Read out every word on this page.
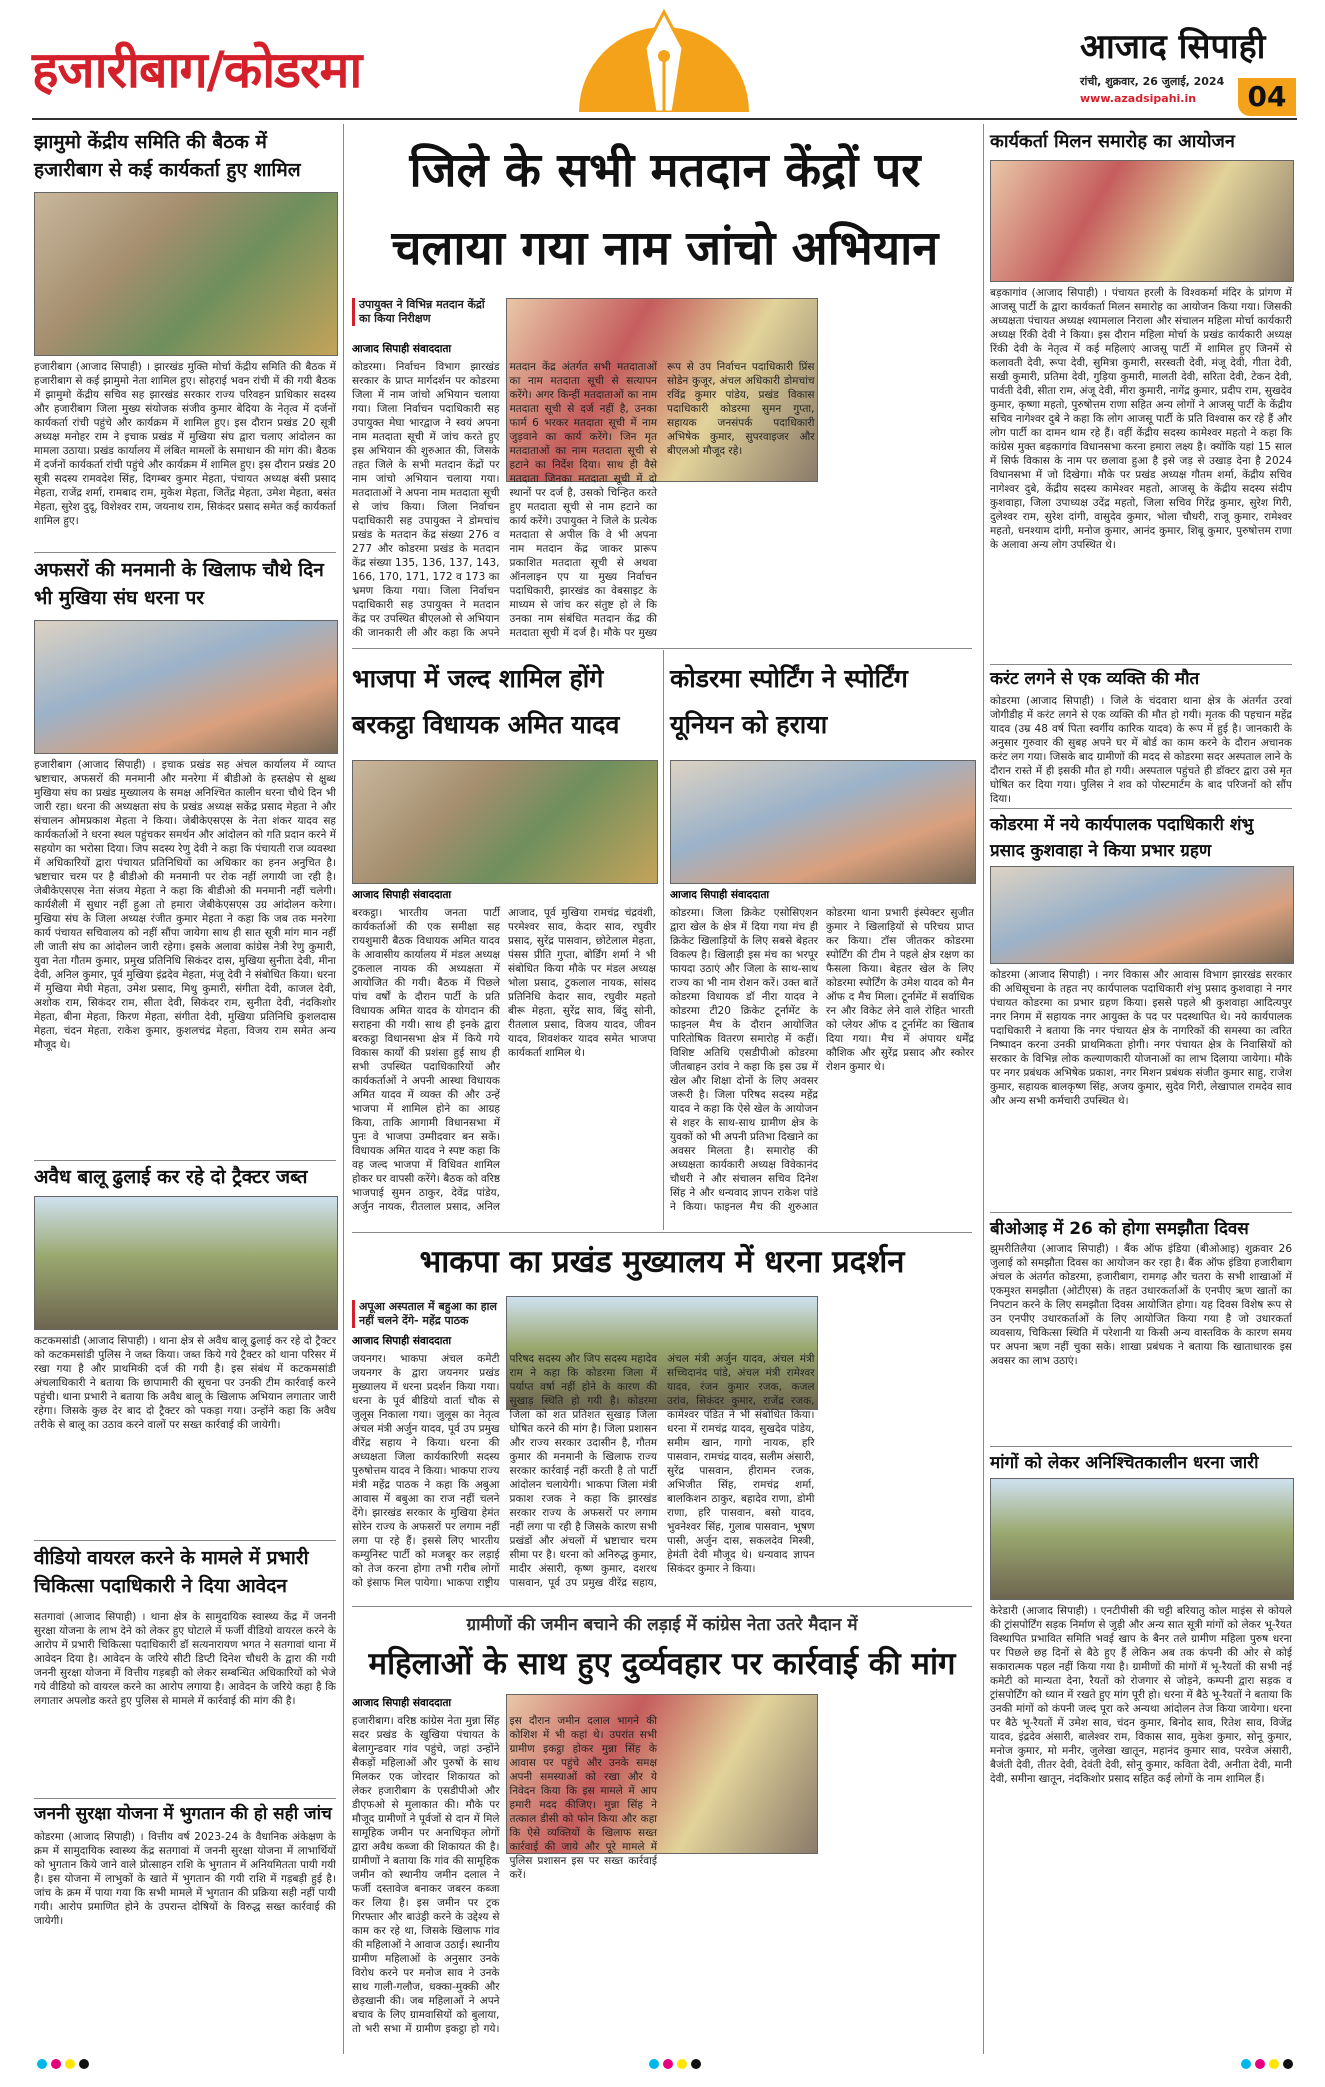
हजारीबाग/कोडरमा	आजाद सिपाही
रांची, शुक्रवार, 26 जुलाई, 2024
www.azadsipahi.in	04
झामुमो केंद्रीय समिति की बैठक में हजारीबाग से कई कार्यकर्ता हुए शामिल
हजारीबाग (आजाद सिपाही) । झारखंड मुक्ति मोर्चा केंद्रीय समिति की बैठक में हजारीबाग से कई झामुमो नेता शामिल हुए। सोहराई भवन रांची में की गयी बैठक में झामुमो केंद्रीय सचिव सह झारखंड सरकार राज्य परिवहन प्राधिकार सदस्य और हजारीबाग जिला मुख्य संयोजक संजीव कुमार बेदिया के नेतृत्व में दर्जनों कार्यकर्ता रांची पहुंचे और कार्यक्रम में शामिल हुए। इस दौरान प्रखंड 20 सूत्री अध्यक्ष मनोहर राम ने इचाक प्रखंड में मुखिया संघ द्वारा चलाए आंदोलन का मामला उठाया। प्रखंड कार्यालय में लंबित मामलों के समाधान की मांग की। बैठक में दर्जनों कार्यकर्ता रांची पहुंचे और कार्यक्रम में शामिल हुए। इस दौरान प्रखंड 20 सूत्री सदस्य रामवदेश सिंह, दिगम्बर कुमार मेहता, पंचायत अध्यक्ष बंसी प्रसाद मेहता, राजेंद्र शर्मा, रामबाद राम, मुकेश मेहता, जितेंद्र मेहता, उमेश मेहता, बसंत मेहता, सुरेश दुदू, विशेश्वर राम, जयनाथ राम, सिकंदर प्रसाद समेत कई कार्यकर्ता शामिल हुए।
अफसरों की मनमानी के खिलाफ चौथे दिन भी मुखिया संघ धरना पर
हजारीबाग (आजाद सिपाही) । इचाक प्रखंड सह अंचल कार्यालय में व्याप्त भ्रष्टाचार, अफसरों की मनमानी और मनरेगा में बीडीओ के हस्तक्षेप से क्षुब्ध मुखिया संघ का प्रखंड मुख्यालय के समक्ष अनिश्चित कालीन धरना चौथे दिन भी जारी रहा। धरना की अध्यक्षता संघ के प्रखंड अध्यक्ष सकेंद्र प्रसाद मेहता ने और संचालन ओमप्रकाश मेहता ने किया। जेबीकेएसएस के नेता शंकर यादव सह कार्यकर्ताओं ने धरना स्थल पहुंचकर समर्थन और आंदोलन को गति प्रदान करने में सहयोग का भरोसा दिया। जिप सदस्य रेणु देवी ने कहा कि पंचायती राज व्यवस्था में अधिकारियों द्वारा पंचायत प्रतिनिधियों का अधिकार का हनन अनुचित है। भ्रष्टाचार चरम पर है बीडीओ की मनमानी पर रोक नहीं लगायी जा रही है। जेबीकेएसएस नेता संजय मेहता ने कहा कि बीडीओ की मनमानी नहीं चलेगी। कार्यशैली में सुधार नहीं हुआ तो हमारा जेबीकेएसएस उग्र आंदोलन करेगा। मुखिया संघ के जिला अध्यक्ष रंजीत कुमार मेहता ने कहा कि जब तक मनरेगा कार्य पंचायत सचिवालय को नहीं सौंपा जायेगा साथ ही सात सूत्री मांग मान नहीं ली जाती संघ का आंदोलन जारी रहेगा। इसके अलावा कांग्रेस नेत्री रेणु कुमारी, युवा नेता गौतम कुमार, प्रमुख प्रतिनिधि सिकंदर दास, मुखिया सुनीता देवी, मीना देवी, अनिल कुमार, पूर्व मुखिया इंद्रदेव मेहता, मंजू देवी ने संबोधित किया। धरना में मुखिया मेघी मेहता, उमेश प्रसाद, मिथु कुमारी, संगीता देवी, काजल देवी, अशोक राम, सिकंदर राम, सीता देवी, सिकंदर राम, सुनीता देवी, नंदकिशोर मेहता, बीना मेहता, किरण मेहता, संगीता देवी, मुखिया प्रतिनिधि कुशलदास मेहता, चंदन मेहता, राकेश कुमार, कुशलचंद्र मेहता, विजय राम समेत अन्य मौजूद थे।
अवैध बालू ढुलाई कर रहे दो ट्रैक्टर जब्त
कटकमसांडी (आजाद सिपाही) । थाना क्षेत्र से अवैध बालू ढुलाई कर रहे दो ट्रैक्टर को कटकमसांडी पुलिस ने जब्त किया। जब्त किये गये ट्रैक्टर को थाना परिसर में रखा गया है और प्राथमिकी दर्ज की गयी है। इस संबंध में कटकमसांडी अंचलाधिकारी ने बताया कि छापामारी की सूचना पर उनकी टीम कार्रवाई करने पहुंची। थाना प्रभारी ने बताया कि अवैध बालू के खिलाफ अभियान लगातार जारी रहेगा। जिसके कुछ देर बाद दो ट्रैक्टर को पकड़ा गया। उन्होंने कहा कि अवैध तरीके से बालू का उठाव करने वालों पर सख्त कार्रवाई की जायेगी।
वीडियो वायरल करने के मामले में प्रभारी चिकित्सा पदाधिकारी ने दिया आवेदन
सतगावां (आजाद सिपाही) । थाना क्षेत्र के सामुदायिक स्वास्थ्य केंद्र में जननी सुरक्षा योजना के लाभ देने को लेकर हुए घोटाले में फर्जी वीडियो वायरल करने के आरोप में प्रभारी चिकित्सा पदाधिकारी डॉ सत्यनारायण भगत ने सतगावां थाना में आवेदन दिया है। आवेदन के जरिये सीटी डिप्टी दिनेश चौधरी के द्वारा की गयी जननी सुरक्षा योजना में वित्तीय गड़बड़ी को लेकर सम्बन्धित अधिकारियों को भेजे गये वीडियो को वायरल करने का आरोप लगाया है। आवेदन के जरिये कहा है कि लगातार अपलोड करते हुए पुलिस से मामले में कार्रवाई की मांग की है।
जननी सुरक्षा योजना में भुगतान की हो सही जांच
कोडरमा (आजाद सिपाही) । वित्तीय वर्ष 2023-24 के वैधानिक अंकेक्षण के क्रम में सामुदायिक स्वास्थ्य केंद्र सतगावां में जननी सुरक्षा योजना में लाभार्थियों को भुगतान किये जाने वाले प्रोत्साहन राशि के भुगतान में अनियमितता पायी गयी है। इस योजना में लाभुकों के खाते में भुगतान की गयी राशि में गड़बड़ी हुई है। जांच के क्रम में पाया गया कि सभी मामले में भुगतान की प्रक्रिया सही नहीं पायी गयी। आरोप प्रमाणित होने के उपरान्त दोषियों के विरुद्ध सख्त कार्रवाई की जायेगी।
जिले के सभी मतदान केंद्रों पर चलाया गया नाम जांचो अभियान
उपायुक्त ने विभिन्न मतदान केंद्रों का किया निरीक्षण
आजाद सिपाही संवाददाता
कोडरमा। निर्वाचन विभाग झारखंड सरकार के प्राप्त मार्गदर्शन पर कोडरमा जिला में नाम जांचो अभियान चलाया गया। जिला निर्वाचन पदाधिकारी सह उपायुक्त मेघा भारद्वाज ने स्वयं अपना नाम मतदाता सूची में जांच करते हुए इस अभियान की शुरुआत की, जिसके तहत जिले के सभी मतदान केंद्रों पर नाम जांचो अभियान चलाया गया। मतदाताओं ने अपना नाम मतदाता सूची से जांच किया। जिला निर्वाचन पदाधिकारी सह उपायुक्त ने डोमचांच प्रखंड के मतदान केंद्र संख्या 276 व 277 और कोडरमा प्रखंड के मतदान केंद्र संख्या 135, 136, 137, 143, 166, 170, 171, 172 व 173 का भ्रमण किया गया। जिला निर्वाचन पदाधिकारी सह उपायुक्त ने मतदान केंद्र पर उपस्थित बीएलओ से अभियान की जानकारी ली और कहा कि अपने मतदान केंद्र अंतर्गत सभी मतदाताओं का नाम मतदाता सूची से सत्यापन करेंगे। अगर किन्हीं मतदाताओं का नाम मतदाता सूची से दर्ज नहीं है, उनका फार्म 6 भरकर मतदाता सूची में नाम जुड़वाने का कार्य करेंगे। जिन मृत मतदाताओं का नाम मतदाता सूची से हटाने का निर्देश दिया। साथ ही वैसे मतदाता जिनका मतदाता सूची में दो स्थानों पर दर्ज है, उसको चिन्हित करते हुए मतदाता सूची से नाम हटाने का कार्य करेंगे। उपायुक्त ने जिले के प्रत्येक मतदाता से अपील कि वे भी अपना नाम मतदान केंद्र जाकर प्रारूप प्रकाशित मतदाता सूची से अथवा ऑनलाइन एप या मुख्य निर्वाचन पदाधिकारी, झारखंड का वेबसाइट के माध्यम से जांच कर संतुष्ट हो ले कि उनका नाम संबंधित मतदान केंद्र की मतदाता सूची में दर्ज है। मौके पर मुख्य रूप से उप निर्वाचन पदाधिकारी प्रिंस सोडेन कुजूर, अंचल अधिकारी डोमचांच रविंद्र कुमार पांडेय, प्रखंड विकास पदाधिकारी कोडरमा सुमन गुप्ता, सहायक जनसंपर्क पदाधिकारी अभिषेक कुमार, सुपरवाइजर और बीएलओ मौजूद रहे।
भाजपा में जल्द शामिल होंगे बरकट्ठा विधायक अमित यादव
आजाद सिपाही संवाददाता
बरकट्ठा। भारतीय जनता पार्टी कार्यकर्ताओं की एक समीक्षा सह रायशुमारी बैठक विधायक अमित यादव के आवासीय कार्यालय में मंडल अध्यक्ष टुकलाल नायक की अध्यक्षता में आयोजित की गयी। बैठक में पिछले पांच वर्षों के दौरान पार्टी के प्रति विधायक अमित यादव के योगदान की सराहना की गयी। साथ ही इनके द्वारा बरकट्ठा विधानसभा क्षेत्र में किये गये विकास कार्यों की प्रशंसा हुई साथ ही सभी उपस्थित पदाधिकारियों और कार्यकर्ताओं ने अपनी आस्था विधायक अमित यादव में व्यक्त की और उन्हें भाजपा में शामिल होने का आग्रह किया, ताकि आगामी विधानसभा में पुनः वे भाजपा उम्मीदवार बन सकें। विधायक अमित यादव ने स्पष्ट कहा कि वह जल्द भाजपा में विधिवत शामिल होकर घर वापसी करेंगे। बैठक को वरिष्ठ भाजपाई सुमन ठाकुर, देवेंद्र पांडेय, अर्जुन नायक, रीतलाल प्रसाद, अनिल आजाद, पूर्व मुखिया रामचंद्र चंद्रवंशी, परमेश्वर साव, केदार साव, रघुवीर प्रसाद, सुरेंद्र पासवान, छोटेलाल मेहता, पंसस प्रीति गुप्ता, बोर्डिंग शर्मा ने भी संबोधित किया मौके पर मंडल अध्यक्ष भोला प्रसाद, टुकलाल नायक, सांसद प्रतिनिधि केदार साव, रघुवीर महतो बीरू मेहता, सुरेंद्र साव, बिंदु सोनी, रीतलाल प्रसाद, विजय यादव, जीवन यादव, शिवशंकर यादव समेत भाजपा कार्यकर्ता शामिल थे।
कोडरमा स्पोर्टिंग ने स्पोर्टिंग यूनियन को हराया
आजाद सिपाही संवाददाता
कोडरमा। जिला क्रिकेट एसोसिएशन द्वारा खेल के क्षेत्र में दिया गया मंच ही क्रिकेट खिलाड़ियों के लिए सबसे बेहतर विकल्प है। खिलाड़ी इस मंच का भरपूर फायदा उठाएं और जिला के साथ-साथ राज्य का भी नाम रोशन करें। उक्त बातें कोडरमा विधायक डॉ नीरा यादव ने कोडरमा टी20 क्रिकेट टूर्नामेंट के फाइनल मैच के दौरान आयोजित पारितोषिक वितरण समारोह में कहीं। विशिष्ट अतिथि एसडीपीओ कोडरमा जीतबाहन उरांव ने कहा कि इस उम्र में खेल और शिक्षा दोनों के लिए अवसर जरूरी है। जिला परिषद सदस्य महेंद्र यादव ने कहा कि ऐसे खेल के आयोजन से शहर के साथ-साथ ग्रामीण क्षेत्र के युवकों को भी अपनी प्रतिभा दिखाने का अवसर मिलता है। समारोह की अध्यक्षता कार्यकारी अध्यक्ष विवेकानंद चौधरी ने और संचालन सचिव दिनेश सिंह ने और धन्यवाद ज्ञापन राकेश पांडे ने किया। फाइनल मैच की शुरुआत कोडरमा थाना प्रभारी इंस्पेक्टर सुजीत कुमार ने खिलाड़ियों से परिचय प्राप्त कर किया। टॉस जीतकर कोडरमा स्पोर्टिंग की टीम ने पहले क्षेत्र रक्षण का फैसला किया। बेहतर खेल के लिए कोडरमा स्पोर्टिंग के उमेश यादव को मैन ऑफ द मैच मिला। टूर्नामेंट में सर्वाधिक रन और विकेट लेने वाले रोहित भारती को प्लेयर ऑफ द टूर्नामेंट का खिताब दिया गया। मैच में अंपायर धर्मेंद्र कौशिक और सुरेंद्र प्रसाद और स्कोरर रोशन कुमार थे।
भाकपा का प्रखंड मुख्यालय में धरना प्रदर्शन
अपूआ अस्पताल में बहुआ का हाल नहीं चलने देंगे- महेंद्र पाठक
आजाद सिपाही संवाददाता
जयनगर। भाकपा अंचल कमेटी जयनगर के द्वारा जयनगर प्रखंड मुख्यालय में धरना प्रदर्शन किया गया। धरना के पूर्व बीडियो वार्ता चौक से जुलूस निकाला गया। जुलूस का नेतृत्व अंचल मंत्री अर्जुन यादव, पूर्व उप प्रमुख वीरेंद्र सहाय ने किया। धरना की अध्यक्षता जिला कार्यकारिणी सदस्य पुरुषोत्तम यादव ने किया। भाकपा राज्य मंत्री महेंद्र पाठक ने कहा कि अबुआ आवास में बबुआ का राज नहीं चलने देंगे। झारखंड सरकार के मुखिया हेमंत सोरेन राज्य के अफसरों पर लगाम नहीं लगा पा रहे हैं। इससे लिए भारतीय कम्युनिस्ट पार्टी को मजबूर कर लड़ाई को तेज करना होगा तभी गरीब लोगों को इंसाफ मिल पायेगा। भाकपा राष्ट्रीय परिषद सदस्य और जिप सदस्य महादेव राम ने कहा कि कोडरमा जिला में पर्याप्त वर्षा नहीं होने के कारण की सुखाड़ स्थिति हो गयी है। कोडरमा जिला को शत प्रतिशत सुखाड़ जिला घोषित करने की मांग है। जिला प्रशासन और राज्य सरकार उदासीन है, गौतम कुमार की मनमानी के खिलाफ राज्य सरकार कार्रवाई नहीं करती है तो पार्टी आंदोलन चलायेगी। भाकपा जिला मंत्री प्रकाश रजक ने कहा कि झारखंड सरकार राज्य के अफसरों पर लगाम नहीं लगा पा रही है जिसके कारण सभी प्रखंडों और अंचलों में भ्रष्टाचार चरम सीमा पर है। धरना को अनिरुद्ध कुमार, मादीर अंसारी, कृष्ण कुमार, दशरथ पासवान, पूर्व उप प्रमुख वीरेंद्र सहाय, अंचल मंत्री अर्जुन यादव, अंचल मंत्री सच्चिदानंद पांडे, अंचल मंत्री रामेश्वर यादव, रंजन कुमार रजक, कजल उरांव, सिकंदर कुमार, राजेंद्र रजक, कामेश्वर पंडित ने भी संबोधित किया। धरना में रामचंद्र यादव, सुखदेव पांडेय, समीम खान, गागो नायक, हरि पासवान, रामचंद्र यादव, सलीम अंसारी, सुरेंद्र पासवान, हीरामन रजक, अभिजीत सिंह, रामचंद्र शर्मा, बालकिशन ठाकुर, बहादेव राणा, डोमी राणा, हरि पासवान, बसो यादव, भुवनेश्वर सिंह, गुलाब पासवान, भूषण पासी, अर्जुन दास, सकलदेव मिस्त्री, हेमंती देवी मौजूद थे। धन्यवाद ज्ञापन सिकंदर कुमार ने किया।
ग्रामीणों की जमीन बचाने की लड़ाई में कांग्रेस नेता उतरे मैदान में
महिलाओं के साथ हुए दुर्व्यवहार पर कार्रवाई की मांग
आजाद सिपाही संवाददाता
हजारीबाग। वरिष्ठ कांग्रेस नेता मुन्ना सिंह सदर प्रखंड के खुखिया पंचायत के बेलागुन्डवार गांव पहुंचे, जहां उन्होंने सैकड़ों महिलाओं और पुरुषों के साथ मिलकर एक जोरदार शिकायत को लेकर हजारीबाग के एसडीपीओ और डीएफओ से मुलाकात की। मौके पर मौजूद ग्रामीणों ने पूर्वजों से दान में मिले सामूहिक जमीन पर अनाधिकृत लोगों द्वारा अवैध कब्जा की शिकायत की है। ग्रामीणों ने बताया कि गांव की सामूहिक जमीन को स्थानीय जमीन दलाल ने फर्जी दस्तावेज बनाकर जबरन कब्जा कर लिया है। इस जमीन पर ट्रक गिरफ्तार और बाउंड्री करने के उद्देश्य से काम कर रहे था, जिसके खिलाफ गांव की महिलाओं ने आवाज उठाई। स्थानीय ग्रामीण महिलाओं के अनुसार उनके विरोध करने पर मनोज साव ने उनके साथ गाली-गलौज, धक्का-मुक्की और छेड़खानी की। जब महिलाओं ने अपने बचाव के लिए ग्रामवासियों को बुलाया, तो भरी सभा में ग्रामीण इकट्ठा हो गये। इस दौरान जमीन दलाल भागने की कोशिश में भी कहां थे। उपरांत सभी ग्रामीण इकट्ठा होकर मुन्ना सिंह के आवास पर पहुंचे और उनके समक्ष अपनी समस्याओं को रखा और ये निवेदन किया कि इस मामले में आप हमारी मदद कीजिए। मुन्ना सिंह ने तत्काल डीसी को फोन किया और कहा कि ऐसे व्यक्तियों के खिलाफ सख्त कार्रवाई की जाये और पूरे मामले में पुलिस प्रशासन इस पर सख्त कार्रवाई करें।
कार्यकर्ता मिलन समारोह का आयोजन
बड़कागांव (आजाद सिपाही) । पंचायत हरली के विश्वकर्मा मंदिर के प्रांगण में आजसू पार्टी के द्वारा कार्यकर्ता मिलन समारोह का आयोजन किया गया। जिसकी अध्यक्षता पंचायत अध्यक्ष श्यामलाल निराला और संचालन महिला मोर्चा कार्यकारी अध्यक्ष रिंकी देवी ने किया। इस दौरान महिला मोर्चा के प्रखंड कार्यकारी अध्यक्ष रिंकी देवी के नेतृत्व में कई महिलाएं आजसू पार्टी में शामिल हुए जिनमें से कलावती देवी, रूपा देवी, सुमित्रा कुमारी, सरस्वती देवी, मंजू देवी, गीता देवी, सखी कुमारी, प्रतिमा देवी, गुड़िया कुमारी, मालती देवी, सरिता देवी, टेकन देवी, पार्वती देवी, सीता राम, अंजू देवी, मीरा कुमारी, नागेंद्र कुमार, प्रदीप राम, सुखदेव कुमार, कृष्णा महतो, पुरुषोत्तम राणा सहित अन्य लोगों ने आजसू पार्टी के केंद्रीय सचिव नागेश्वर दुबे ने कहा कि लोग आजसू पार्टी के प्रति विश्वास कर रहे हैं और लोग पार्टी का दामन थाम रहे हैं। वहीं केंद्रीय सदस्य कामेश्वर महतो ने कहा कि कांग्रेस मुक्त बड़कागांव विधानसभा करना हमारा लक्ष्य है। क्योंकि यहां 15 साल में सिर्फ विकास के नाम पर छलावा हुआ है इसे जड़ से उखाड़ देना है 2024 विधानसभा में जो दिखेगा। मौके पर प्रखंड अध्यक्ष गौतम शर्मा, केंद्रीय सचिव नागेश्वर दुबे, केंद्रीय सदस्य कामेश्वर महतो, आजसू के केंद्रीय सदस्य संदीप कुशवाहा, जिला उपाध्यक्ष उदेंद्र महतो, जिला सचिव गिरेंद्र कुमार, सुरेश गिरी, दुलेश्वर राम, सुरेश दांगी, वासुदेव कुमार, भोला चौधरी, राजू कुमार, रामेश्वर महतो, धनश्याम दांगी, मनोज कुमार, आनंद कुमार, शिबू कुमार, पुरुषोत्तम राणा के अलावा अन्य लोग उपस्थित थे।
करंट लगने से एक व्यक्ति की मौत
कोडरमा (आजाद सिपाही) । जिले के चंदवारा थाना क्षेत्र के अंतर्गत उरवां जोगीडीह में करंट लगने से एक व्यक्ति की मौत हो गयी। मृतक की पहचान महेंद्र यादव (उम्र 48 वर्ष पिता स्वर्गीय कारिक यादव) के रूप में हुई है। जानकारी के अनुसार गुरुवार की सुबह अपने घर में बोर्ड का काम करने के दौरान अचानक करंट लग गया। जिसके बाद ग्रामीणों की मदद से कोडरमा सदर अस्पताल लाने के दौरान रास्ते में ही इसकी मौत हो गयी। अस्पताल पहुंचते ही डॉक्टर द्वारा उसे मृत घोषित कर दिया गया। पुलिस ने शव को पोस्टमार्टम के बाद परिजनों को सौंप दिया।
कोडरमा में नये कार्यपालक पदाधिकारी शंभु प्रसाद कुशवाहा ने किया प्रभार ग्रहण
कोडरमा (आजाद सिपाही) । नगर विकास और आवास विभाग झारखंड सरकार की अधिसूचना के तहत नए कार्यपालक पदाधिकारी शंभु प्रसाद कुशवाहा ने नगर पंचायत कोडरमा का प्रभार ग्रहण किया। इससे पहले श्री कुशवाहा आदित्यपुर नगर निगम में सहायक नगर आयुक्त के पद पर पदस्थापित थे। नये कार्यपालक पदाधिकारी ने बताया कि नगर पंचायत क्षेत्र के नागरिकों की समस्या का त्वरित निष्पादन करना उनकी प्राथमिकता होगी। नगर पंचायत क्षेत्र के निवासियों को सरकार के विभिन्न लोक कल्याणकारी योजनाओं का लाभ दिलाया जायेगा। मौके पर नगर प्रबंधक अभिषेक प्रकाश, नगर मिशन प्रबंधक संजीत कुमार साहु, राजेश कुमार, सहायक बालकृष्ण सिंह, अजय कुमार, सुदेव गिरी, लेखापाल रामदेव साव और अन्य सभी कर्मचारी उपस्थित थे।
बीओआइ में 26 को होगा समझौता दिवस
झुमरीतिलैया (आजाद सिपाही) । बैंक ऑफ इंडिया (बीओआइ) शुक्रवार 26 जुलाई को समझौता दिवस का आयोजन कर रहा है। बैंक ऑफ इंडिया हजारीबाग अंचल के अंतर्गत कोडरमा, हजारीबाग, रामगढ़ और चतरा के सभी शाखाओं में एकमुश्त समझौता (ओटीएस) के तहत उधारकर्ताओं के एनपीए ऋण खातों का निपटान करने के लिए समझौता दिवस आयोजित होगा। यह दिवस विशेष रूप से उन एनपीए उधारकर्ताओं के लिए आयोजित किया गया है जो उधारकर्ता व्यवसाय, चिकित्सा स्थिति में परेशानी या किसी अन्य वास्तविक के कारण समय पर अपना ऋण नहीं चुका सके। शाखा प्रबंधक ने बताया कि खाताधारक इस अवसर का लाभ उठाएं।
मांगों को लेकर अनिश्चितकालीन धरना जारी
केरेडारी (आजाद सिपाही) । एनटीपीसी की चट्टी बरियातु कोल माइंस से कोयले की ट्रांसपोर्टिंग सड़क निर्माण से जुड़ी और अन्य सात सूत्री मांगों को लेकर भू-रैयत विस्थापित प्रभावित समिति भवई खाप के बैनर तले ग्रामीण महिला पुरुष धरना पर पिछले छह दिनों से बैठे हुए हैं लेकिन अब तक कंपनी की ओर से कोई सकारात्मक पहल नहीं किया गया है। ग्रामीणों की मांगों में भू-रैयतों की सभी नई कमेटी को मान्यता देना, रैयतों को रोजगार से जोड़ने, कम्पनी द्वारा सड़क व ट्रांसपोर्टिंग को ध्यान में रखते हुए मांग पूरी हो। धरना में बैठे भू-रैयतों ने बताया कि उनकी मांगों को कंपनी जल्द पूरा करे अन्यथा आंदोलन तेज किया जायेगा। धरना पर बैठे भू-रैयतों में उमेश साव, चंदन कुमार, बिनोद साव, रितेश साव, विजेंद्र यादव, इंद्रदेव अंसारी, बालेश्वर राम, विकास साव, मुकेश कुमार, सोनू कुमार, मनोज कुमार, मो मनीर, जुलेखा खातून, महानंद कुमार साव, परवेज अंसारी, बैजंती देवी, तीतर देवी, देवंती देवी, सोनू कुमार, कविता देवी, अनीता देवी, मानी देवी, समीना खातून, नंदकिशोर प्रसाद सहित कई लोगों के नाम शामिल हैं।
